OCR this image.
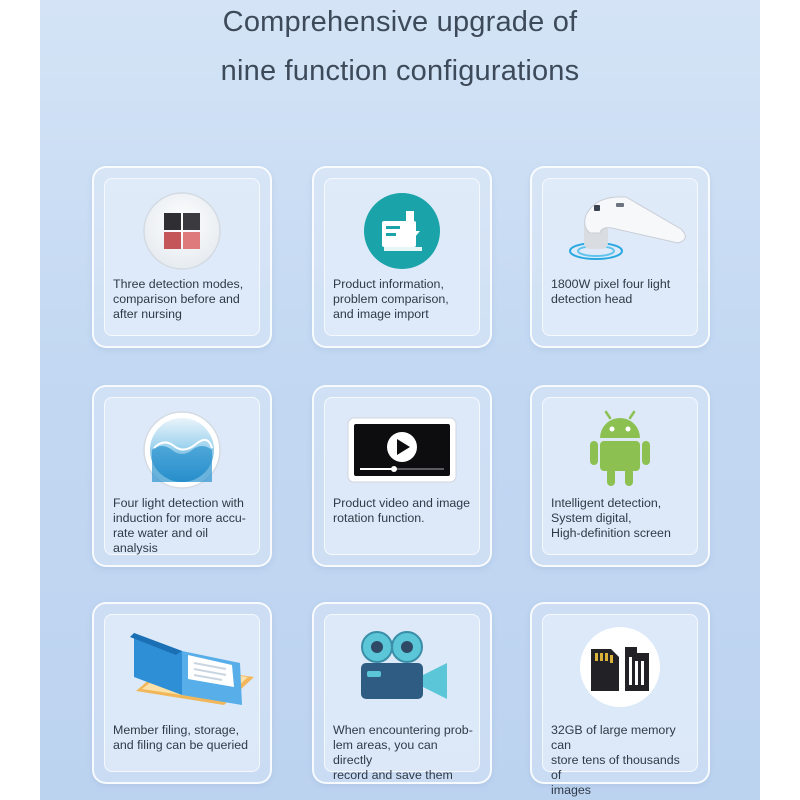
Comprehensive upgrade of
nine function configurations
Three detection modes,
comparison before and
after nursing
Product information,
problem comparison,
and image import
1800W pixel four light
detection head
Four light detection with
induction for more accu-
rate water and oil analysis
Product video and image
rotation function.
Intelligent detection,
System digital,
High-definition screen
Member filing, storage,
and filing can be queried
When encountering prob-
lem areas, you can directly
record and save them
32GB of large memory can
store tens of thousands of
images
